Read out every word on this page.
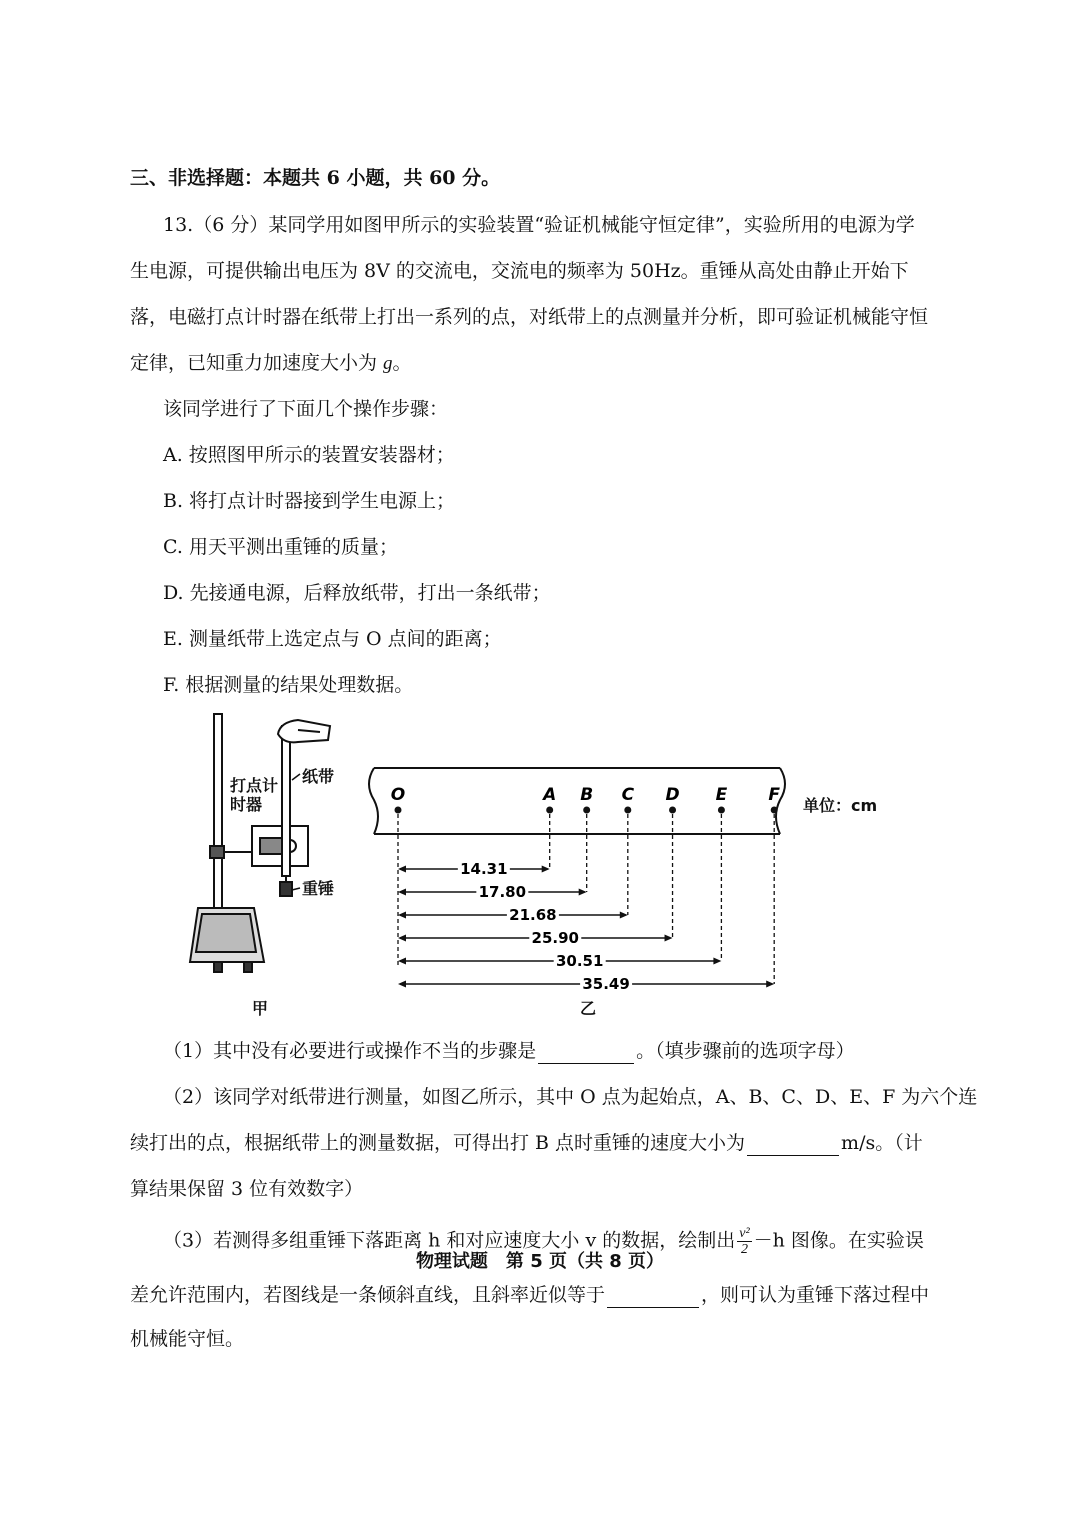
三、非选择题：本题共 6 小题，共 60 分。
13.（6 分）某同学用如图甲所示的实验装置“验证机械能守恒定律”，实验所用的电源为学
生电源，可提供输出电压为 8V 的交流电，交流电的频率为 50Hz。重锤从高处由静止开始下
落，电磁打点计时器在纸带上打出一系列的点，对纸带上的点测量并分析，即可验证机械能守恒
定律，已知重力加速度大小为 g。
该同学进行了下面几个操作步骤：
A. 按照图甲所示的装置安装器材；
B. 将打点计时器接到学生电源上；
C. 用天平测出重锤的质量；
D. 先接通电源，后释放纸带，打出一条纸带；
E. 测量纸带上选定点与 O 点间的距离；
F. 根据测量的结果处理数据。
打点计
时器
纸带
重锤
甲
O	A B C D E F
14.31
17.80
21.68
25.90
30.51
35.49
单位：cm
乙
（1）其中没有必要进行或操作不当的步骤是	。（填步骤前的选项字母）
（2）该同学对纸带进行测量，如图乙所示，其中 O 点为起始点，A、B、C、D、E、F 为六个连
续打出的点，根据纸带上的测量数据，可得出打 B 点时重锤的速度大小为	m/s。（计
算结果保留 3 位有效数字）
（3）若测得多组重锤下落距离 h 和对应速度大小 v 的数据，绘制出 $\frac{\text{v²}}{2} -h$ 图像。在实验误
差允许范围内，若图线是一条倾斜直线，且斜率近似等于	，则可认为重锤下落过程中
机械能守恒。
物理试题　第 5 页（共 8 页）
